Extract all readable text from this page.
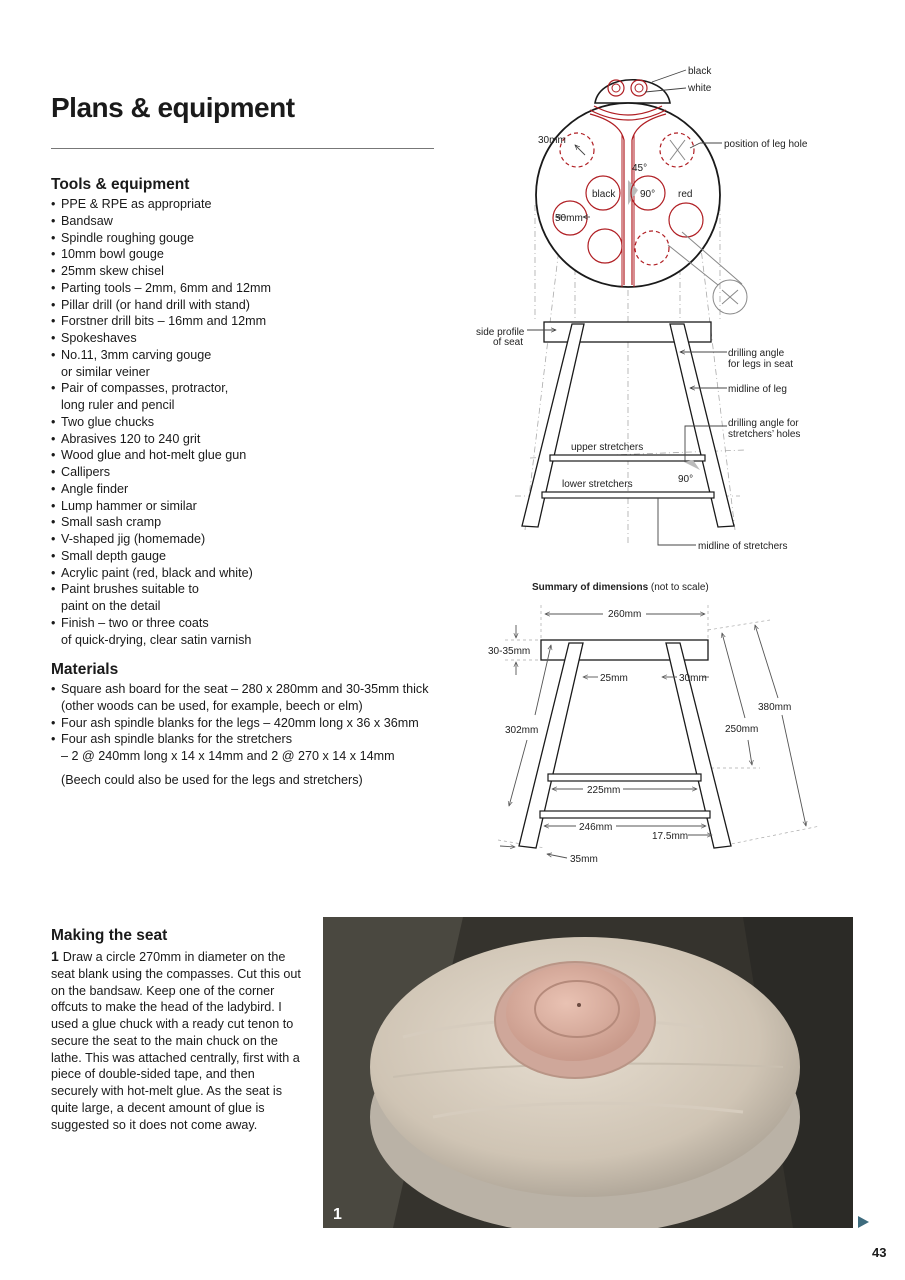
Plans & equipment
Tools & equipment
• PPE & RPE as appropriate
• Bandsaw
• Spindle roughing gouge
• 10mm bowl gouge
• 25mm skew chisel
• Parting tools – 2mm, 6mm and 12mm
• Pillar drill (or hand drill with stand)
• Forstner drill bits – 16mm and 12mm
• Spokeshaves
• No.11, 3mm carving gouge
or similar veiner
• Pair of compasses, protractor,
long ruler and pencil
• Two glue chucks
• Abrasives 120 to 240 grit
• Wood glue and hot-melt glue gun
• Callipers
• Angle finder
• Lump hammer or similar
• Small sash cramp
• V-shaped jig (homemade)
• Small depth gauge
• Acrylic paint (red, black and white)
• Paint brushes suitable to
paint on the detail
• Finish – two or three coats
of quick-drying, clear satin varnish
Materials
• Square ash board for the seat – 280 x 280mm and 30-35mm thick
(other woods can be used, for example, beech or elm)
• Four ash spindle blanks for the legs – 420mm long x 36 x 36mm
• Four ash spindle blanks for the stretchers
– 2 @ 240mm long x 14 x 14mm and 2 @ 270 x 14 x 14mm

(Beech could also be used for the legs and stretchers)

black
white
30mm	position of leg hole
45°
black 90° red
50mm
side profile
of seat
drilling angle
for legs in seat
midline of leg
drilling angle for
stretchers’ holes
upper stretchers
lower stretchers	90°
midline of stretchers
Summary of dimensions (not to scale)
260mm
30-35mm
25mm	30mm
380mm
302mm	250mm
225mm
246mm
17.5mm
35mm
Making the seat

1 Draw a circle 270mm in diameter on the seat blank using the compasses. Cut this out on the bandsaw. Keep one of the corner offcuts to make the head of the ladybird. I used a glue chuck with a ready cut tenon to secure the seat to the main chuck on the lathe. This was attached centrally, first with a piece of double-sided tape, and then securely with hot-melt glue. As the seat is quite large, a decent amount of glue is suggested so it does not come away.

1
43
